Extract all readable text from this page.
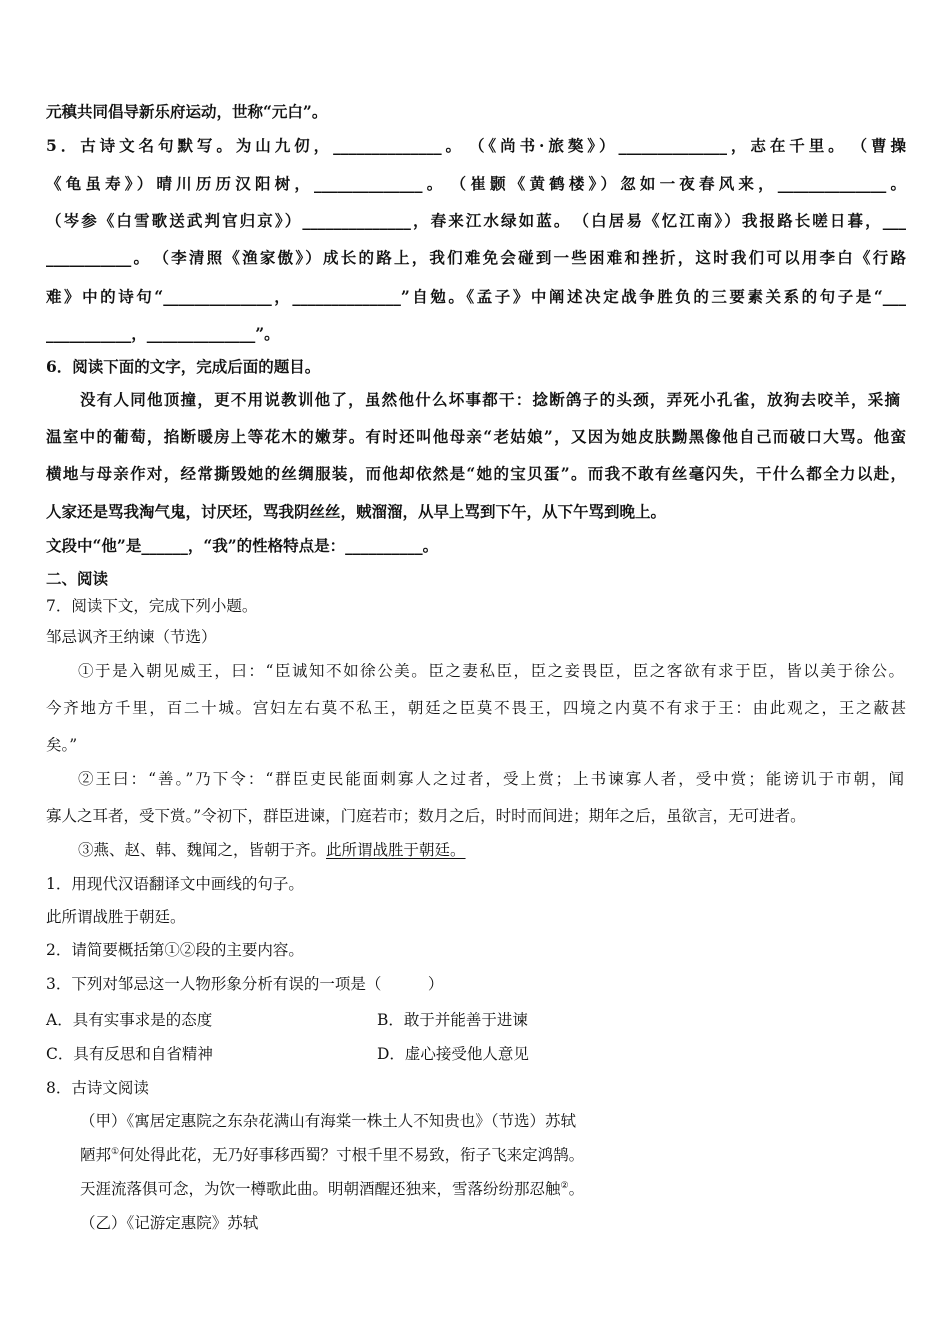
元稹共同倡导新乐府运动，世称“元白”。
5．古诗文名句默写。为山九仞，______________。　（《尚书·旅獒》）______________，志在千里。　（曹操
《龟虽寿》）晴川历历汉阳树，______________。　（崔颢《黄鹤楼》）忽如一夜春风来，______________。
（岑参《白雪歌送武判官归京》）______________，春来江水绿如蓝。　（白居易《忆江南》）我报路长嗟日暮，___
___________。　（李清照《渔家傲》）成长的路上，我们难免会碰到一些困难和挫折，这时我们可以用李白《行路
难》中的诗句“______________，______________”自勉。《孟子》中阐述决定战争胜负的三要素关系的句子是“___
___________，______________”。
6．阅读下面的文字，完成后面的题目。
没有人同他顶撞，更不用说教训他了，虽然他什么坏事都干：捻断鸽子的头颈，弄死小孔雀，放狗去咬羊，采摘
温室中的葡萄，掐断暖房上等花木的嫩芽。有时还叫他母亲“老姑娘”，又因为她皮肤黝黑像他自己而破口大骂。他蛮
横地与母亲作对，经常撕毁她的丝绸服装，而他却依然是“她的宝贝蛋”。而我不敢有丝毫闪失，干什么都全力以赴，
人家还是骂我淘气鬼，讨厌坯，骂我阴丝丝，贼溜溜，从早上骂到下午，从下午骂到晚上。
文段中“他”是______，“我”的性格特点是：__________。
二、阅读
7．阅读下文，完成下列小题。
邹忌讽齐王纳谏（节选）
①于是入朝见威王，曰：“臣诚知不如徐公美。臣之妻私臣，臣之妾畏臣，臣之客欲有求于臣，皆以美于徐公。
今齐地方千里，百二十城。宫妇左右莫不私王，朝廷之臣莫不畏王，四境之内莫不有求于王：由此观之，王之蔽甚
矣。”
②王曰：“善。”乃下令：“群臣吏民能面刺寡人之过者，受上赏；上书谏寡人者，受中赏；能谤讥于市朝，闻
寡人之耳者，受下赏。”令初下，群臣进谏，门庭若市；数月之后，时时而间进；期年之后，虽欲言，无可进者。
③燕、赵、韩、魏闻之，皆朝于齐。此所谓战胜于朝廷。
1．用现代汉语翻译文中画线的句子。
此所谓战胜于朝廷。
2．请简要概括第①②段的主要内容。
3．下列对邹忌这一人物形象分析有误的一项是（　　　）
A．具有实事求是的态度	B．敢于并能善于进谏
C．具有反思和自省精神	D．虚心接受他人意见
8．古诗文阅读
（甲）《寓居定惠院之东杂花满山有海棠一株土人不知贵也》（节选）苏轼
陋邦①何处得此花，无乃好事移西蜀？寸根千里不易致，衔子飞来定鸿鹄。
天涯流落俱可念，为饮一樽歌此曲。明朝酒醒还独来，雪落纷纷那忍触②。
（乙）《记游定惠院》苏轼
